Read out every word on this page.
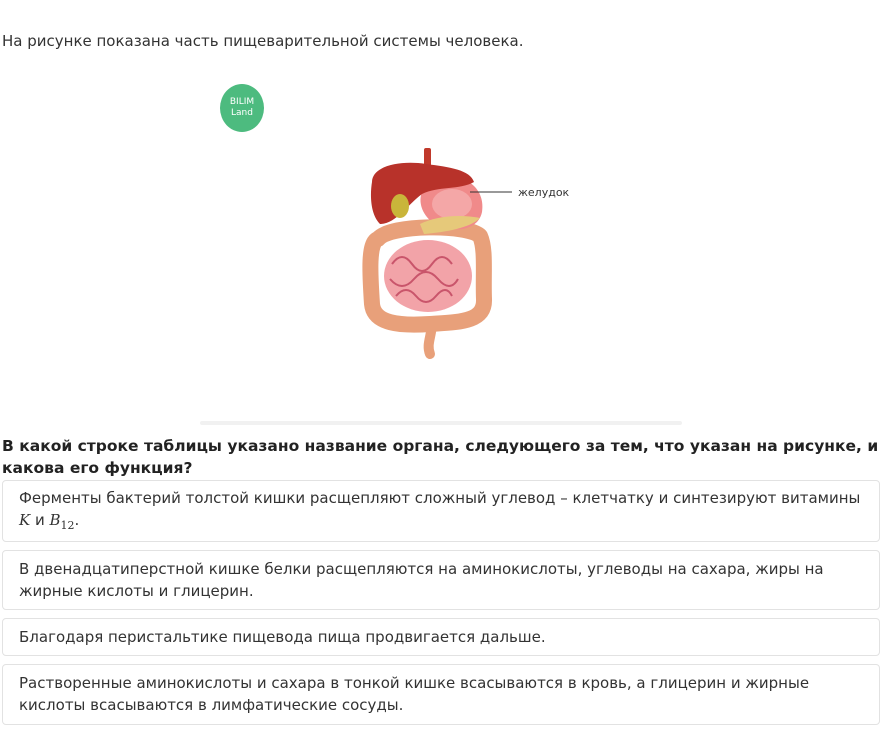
На рисунке показана часть пищеварительной системы человека.

BILIM
Land
желудок

В какой строке таблицы указано название органа, следующего за тем, что указан на рисунке, и какова его функция?

Ферменты бактерий толстой кишки расщепляют сложный углевод – клетчатку и синтезируют витамины K и $B_{12}$.
В двенадцатиперстной кишке белки расщепляются на аминокислоты, углеводы на сахара, жиры на жирные кислоты и глицерин.
Благодаря перистальтике пищевода пища продвигается дальше.
Растворенные аминокислоты и сахара в тонкой кишке всасываются в кровь, а глицерин и жирные кислоты всасываются в лимфатические сосуды.
